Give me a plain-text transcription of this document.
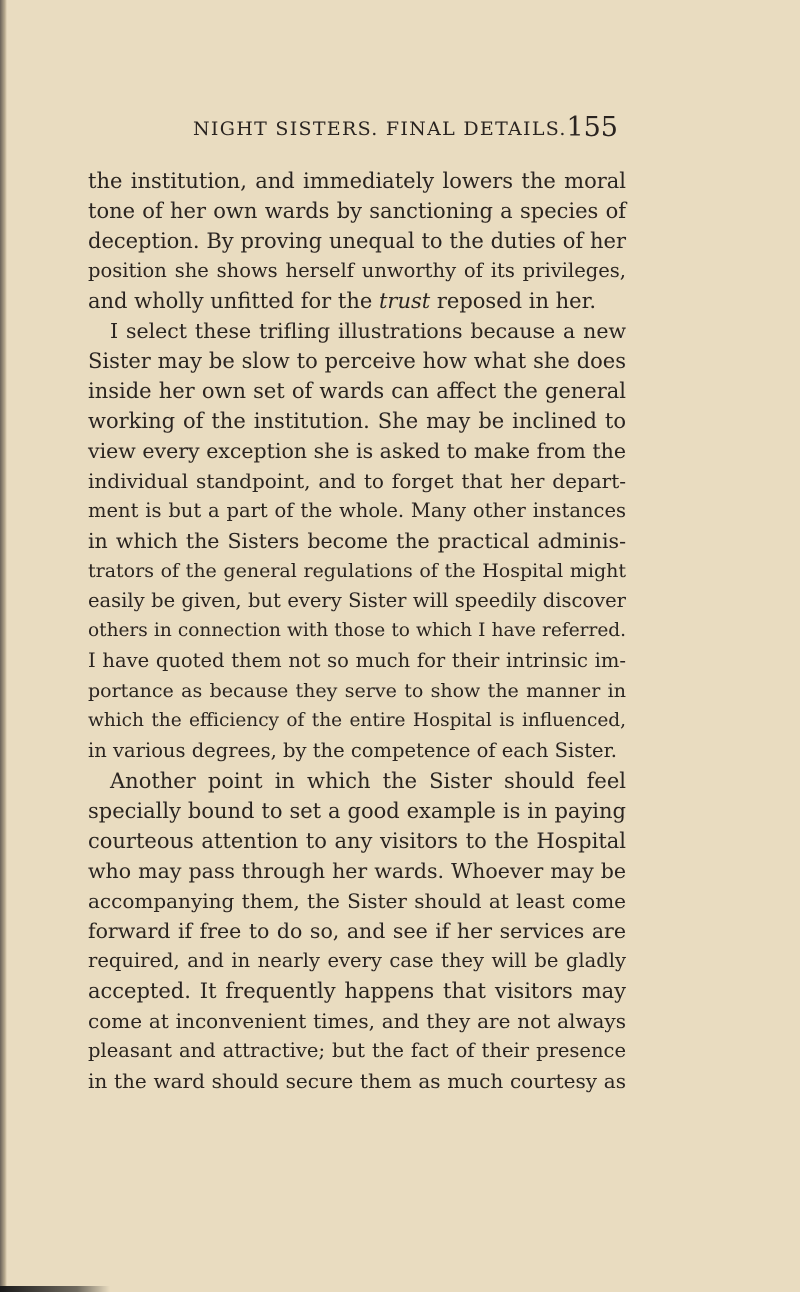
NIGHT SISTERS. FINAL DETAILS. 155
the institution, and immediately lowers the moral
tone of her own wards by sanctioning a species of
deception. By proving unequal to the duties of her
position she shows herself unworthy of its privileges,
and wholly unfitted for the trust reposed in her.
I select these trifling illustrations because a new
Sister may be slow to perceive how what she does
inside her own set of wards can affect the general
working of the institution. She may be inclined to
view every exception she is asked to make from the
individual standpoint, and to forget that her depart-
ment is but a part of the whole. Many other instances
in which the Sisters become the practical adminis-
trators of the general regulations of the Hospital might
easily be given, but every Sister will speedily discover
others in connection with those to which I have referred.
I have quoted them not so much for their intrinsic im-
portance as because they serve to show the manner in
which the efficiency of the entire Hospital is influenced,
in various degrees, by the competence of each Sister.
Another point in which the Sister should feel
specially bound to set a good example is in paying
courteous attention to any visitors to the Hospital
who may pass through her wards. Whoever may be
accompanying them, the Sister should at least come
forward if free to do so, and see if her services are
required, and in nearly every case they will be gladly
accepted. It frequently happens that visitors may
come at inconvenient times, and they are not always
pleasant and attractive; but the fact of their presence
in the ward should secure them as much courtesy as
